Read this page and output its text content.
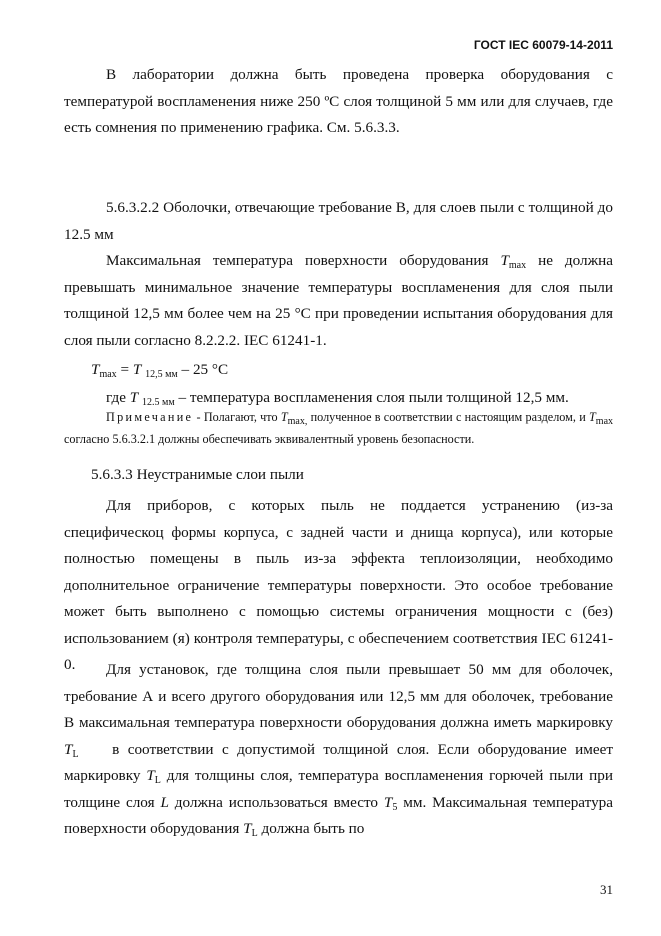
ГОСТ IEC 60079-14-2011

В лаборатории должна быть проведена проверка оборудования с температурой воспламенения ниже 250 ºC слоя толщиной 5 мм или для случаев, где есть сомнения по применению графика. См. 5.6.3.3.

5.6.3.2.2 Оболочки, отвечающие требование B, для слоев пыли с толщиной до 12.5 мм

Максимальная температура поверхности оборудования $T_{max}$ не должна превышать минимальное значение температуры воспламенения для слоя пыли толщиной 12,5 мм более чем на 25 °C при проведении испытания оборудования для слоя пыли согласно 8.2.2.2. IEC 61241-1.

$T_{max} = T$ $_{12,5 мм}$ – 25 °C
где T $_{12.5 мм}$ – температура воспламенения слоя пыли толщиной 12,5 мм.

Примечание - Полагают, что $T_{max,}$ полученное в соответствии с настоящим разделом, и $T_{max}$ согласно 5.6.3.2.1 должны обеспечивать эквивалентный уровень безопасности.

5.6.3.3 Неустранимые слои пыли

Для приборов, с которых пыль не поддается устранению (из-за специфическоц формы корпуса, с задней части и днища корпуса), или которые полностью помещены в пыль из-за эффекта теплоизоляции, необходимо дополнительное ограничение температуры поверхности. Это особое требование может быть выполнено с помощью системы ограничения мощности с (без) использованием (я) контроля температуры, с обеспечением соответствия IEC 61241-0.	Для установок, где толщина слоя пыли превышает 50 мм для оболочек, требование А и всего другого оборудования или 12,5 мм для оболочек, требование В максимальная температура поверхности оборудования должна иметь маркировку $T_L$ в соответствии с допустимой толщиной слоя. Если оборудование имеет маркировку $T_L$ для толщины слоя, температура воспламенения горючей пыли при толщине слоя L должна использоваться вместо $T_5$ мм. Максимальная температура поверхности оборудования $T_L$ должна быть по

31
